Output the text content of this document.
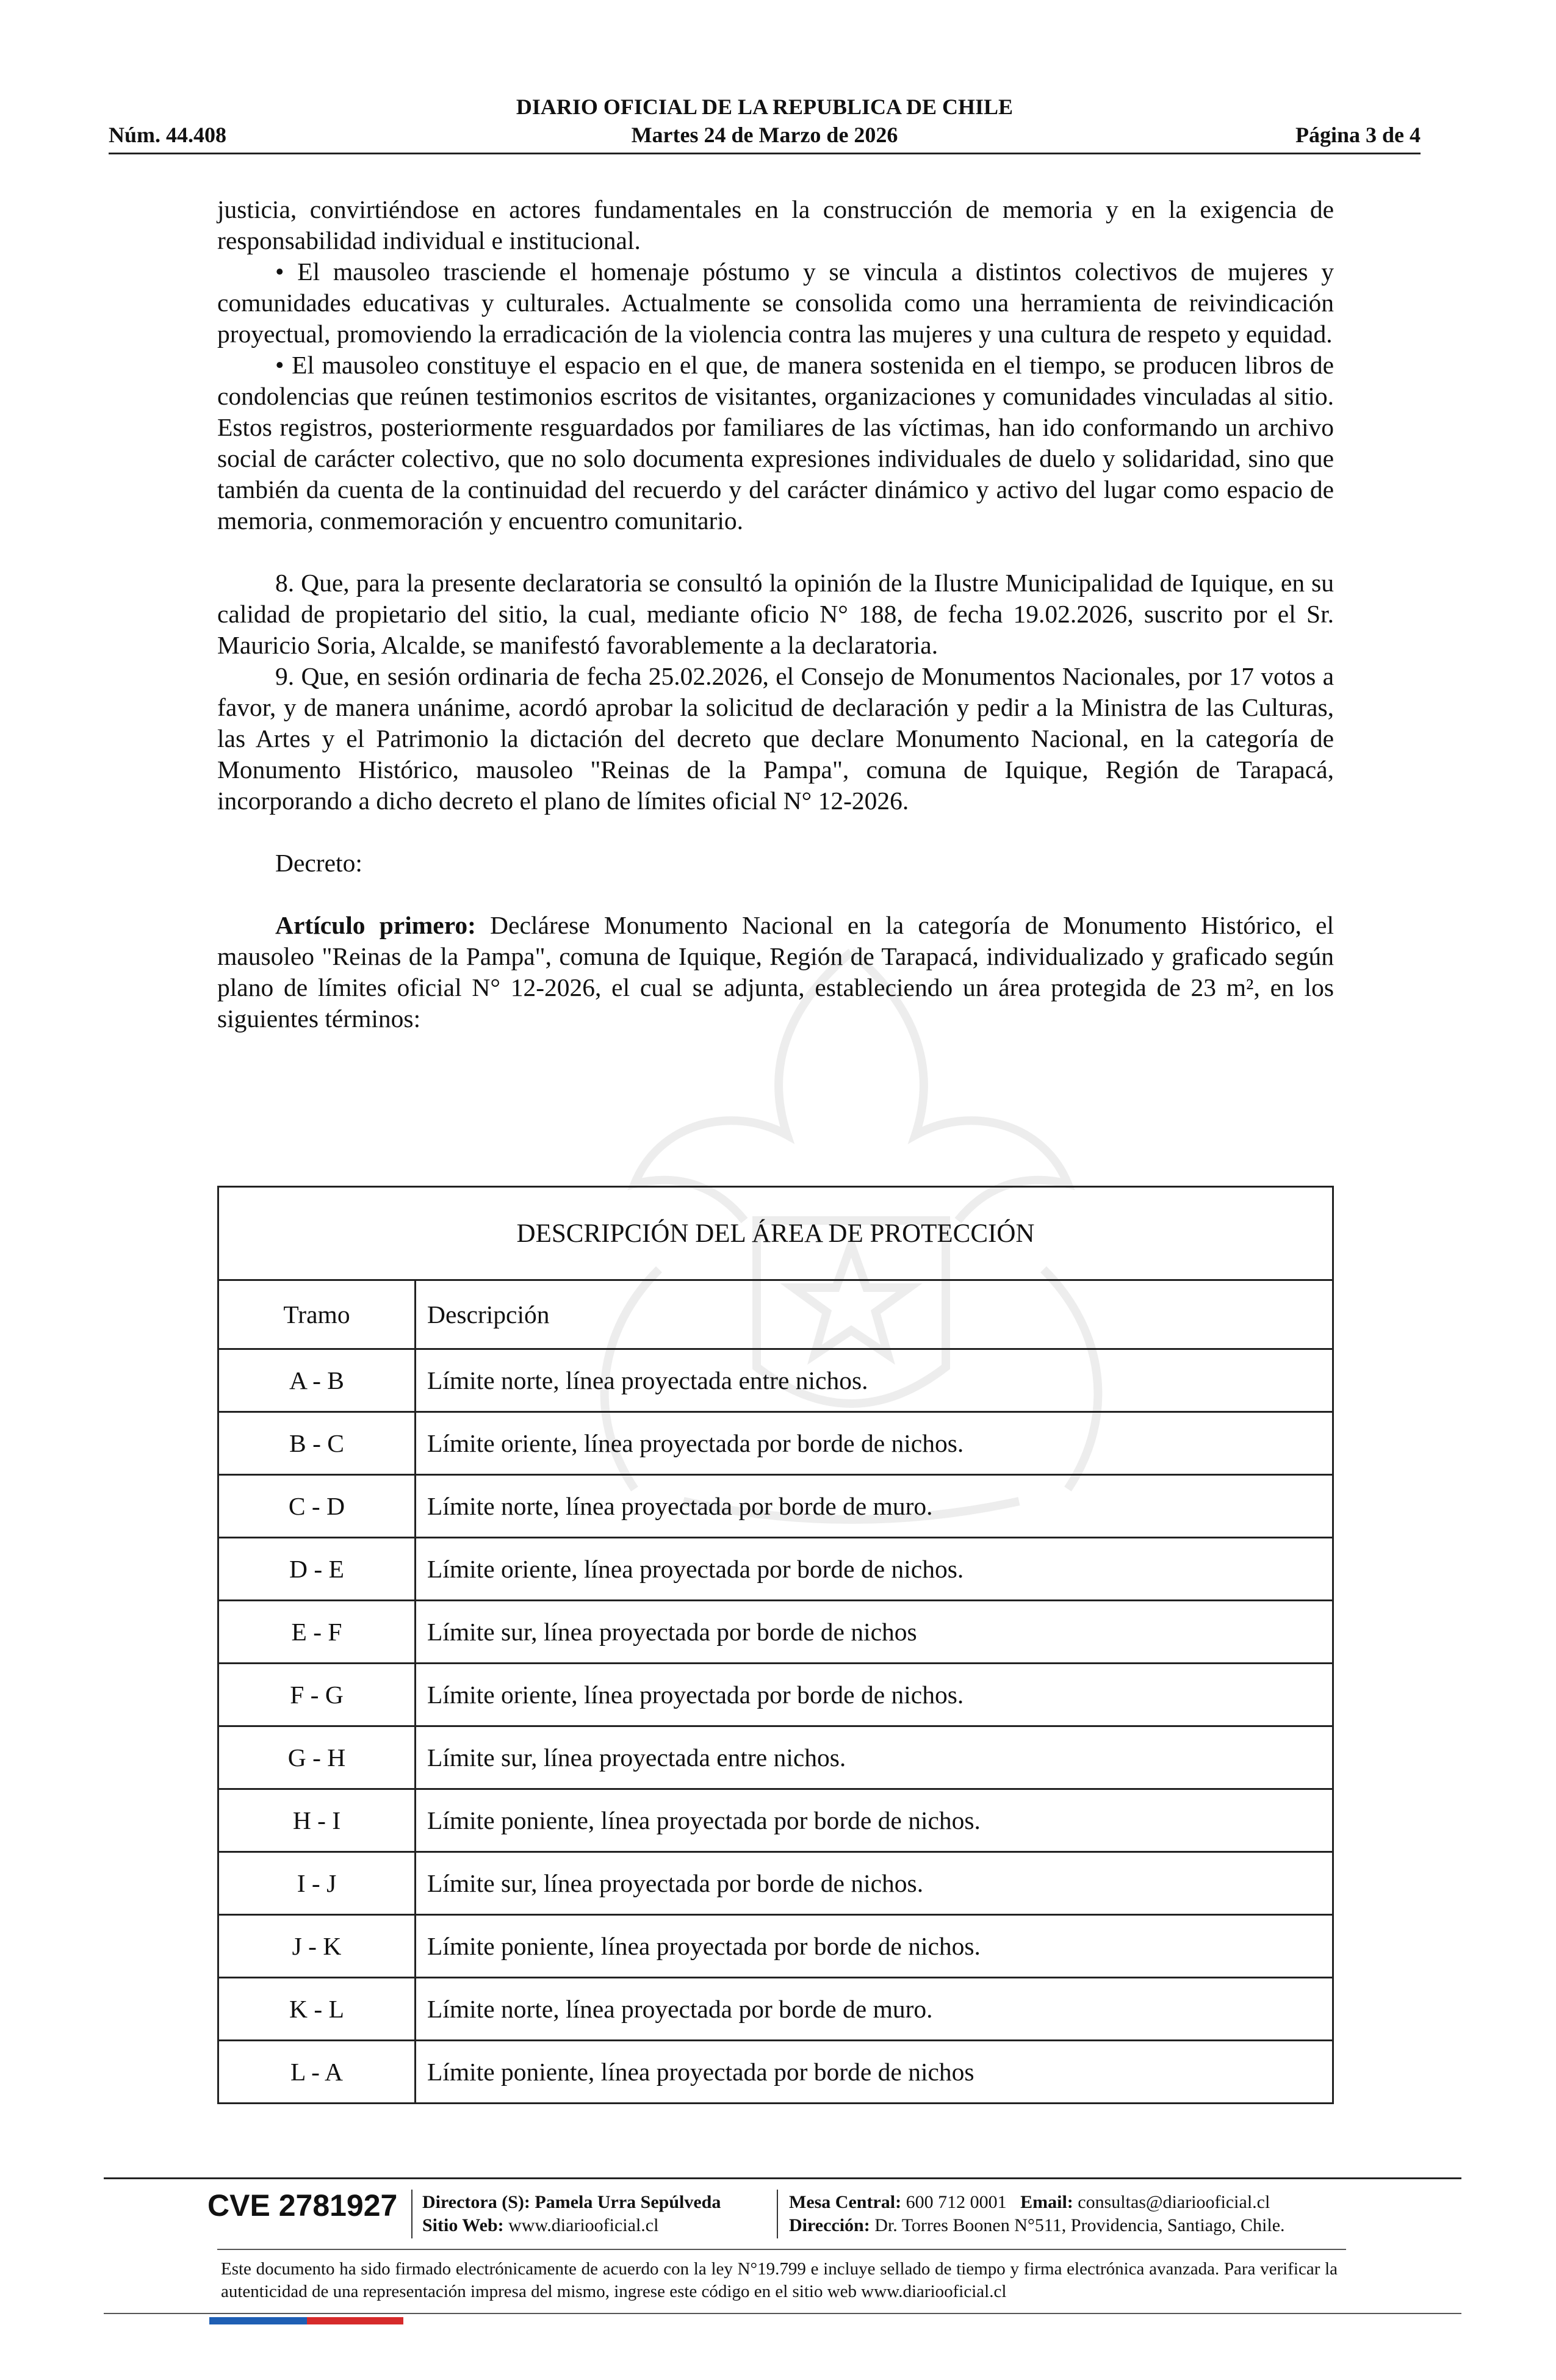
DIARIO OFICIAL DE LA REPUBLICA DE CHILE
Núm. 44.408	Martes 24 de Marzo de 2026	Página 3 de 4

justicia, convirtiéndose en actores fundamentales en la construcción de memoria y en la exigencia de responsabilidad individual e institucional.

• El mausoleo trasciende el homenaje póstumo y se vincula a distintos colectivos de mujeres y comunidades educativas y culturales. Actualmente se consolida como una herramienta de reivindicación proyectual, promoviendo la erradicación de la violencia contra las mujeres y una cultura de respeto y equidad.

• El mausoleo constituye el espacio en el que, de manera sostenida en el tiempo, se producen libros de condolencias que reúnen testimonios escritos de visitantes, organizaciones y comunidades vinculadas al sitio. Estos registros, posteriormente resguardados por familiares de las víctimas, han ido conformando un archivo social de carácter colectivo, que no solo documenta expresiones individuales de duelo y solidaridad, sino que también da cuenta de la continuidad del recuerdo y del carácter dinámico y activo del lugar como espacio de memoria, conmemoración y encuentro comunitario.

8. Que, para la presente declaratoria se consultó la opinión de la Ilustre Municipalidad de Iquique, en su calidad de propietario del sitio, la cual, mediante oficio N° 188, de fecha 19.02.2026, suscrito por el Sr. Mauricio Soria, Alcalde, se manifestó favorablemente a la declaratoria.

9. Que, en sesión ordinaria de fecha 25.02.2026, el Consejo de Monumentos Nacionales, por 17 votos a favor, y de manera unánime, acordó aprobar la solicitud de declaración y pedir a la Ministra de las Culturas, las Artes y el Patrimonio la dictación del decreto que declare Monumento Nacional, en la categoría de Monumento Histórico, mausoleo "Reinas de la Pampa", comuna de Iquique, Región de Tarapacá, incorporando a dicho decreto el plano de límites oficial N° 12-2026.

Decreto:

Artículo primero: Declárese Monumento Nacional en la categoría de Monumento Histórico, el mausoleo "Reinas de la Pampa", comuna de Iquique, Región de Tarapacá, individualizado y graficado según plano de límites oficial N° 12-2026, el cual se adjunta, estableciendo un área protegida de 23 m², en los siguientes términos:

DESCRIPCIÓN DEL ÁREA DE PROTECCIÓN	
Tramo	Descripción
A - B	Límite norte, línea proyectada entre nichos.
B - C	Límite oriente, línea proyectada por borde de nichos.
C - D	Límite norte, línea proyectada por borde de muro.
D - E	Límite oriente, línea proyectada por borde de nichos.
E - F	Límite sur, línea proyectada por borde de nichos
F - G	Límite oriente, línea proyectada por borde de nichos.
G - H	Límite sur, línea proyectada entre nichos.
H - I	Límite poniente, línea proyectada por borde de nichos.
I - J	Límite sur, línea proyectada por borde de nichos.
J - K	Límite poniente, línea proyectada por borde de nichos.
K - L	Límite norte, línea proyectada por borde de muro.
L - A	Límite poniente, línea proyectada por borde de nichos
CVE 2781927 Directora (S): Pamela Urra Sepúlveda
Sitio Web: www.diariooficial.cl
Mesa Central: 600 712 0001 Email: consultas@diariooficial.cl
Dirección: Dr. Torres Boonen N°511, Providencia, Santiago, Chile.
Este documento ha sido firmado electrónicamente de acuerdo con la ley N°19.799 e incluye sellado de tiempo y firma electrónica avanzada. Para verificar la autenticidad de una representación impresa del mismo, ingrese este código en el sitio web www.diariooficial.cl
